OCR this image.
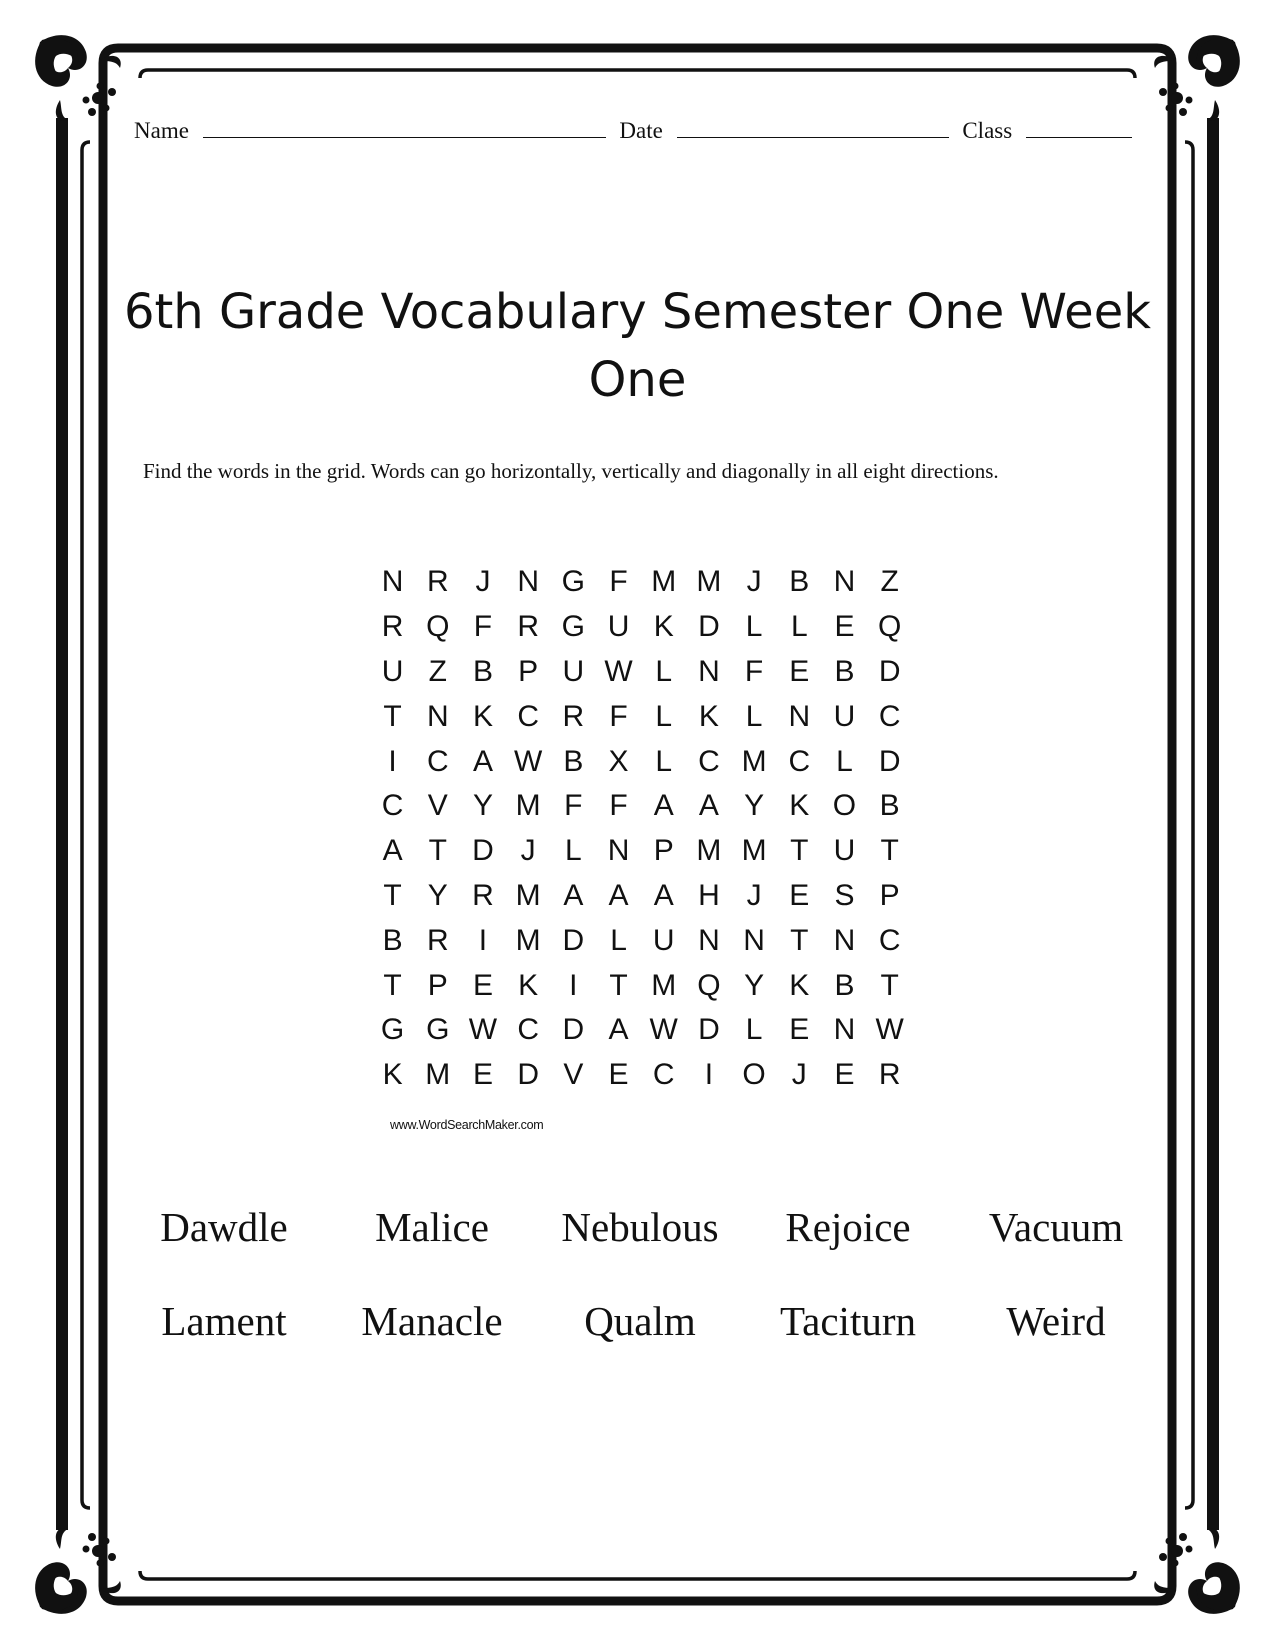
Name	Date	Class
6th Grade Vocabulary Semester One Week One
Find the words in the grid. Words can go horizontally, vertically and diagonally in all eight directions.
N R J N G F M M J B N Z
R Q F R G U K D L L E Q
U Z B P U W L N F E B D
T N K C R F L K L N U C
I	C A W B X L C M C L D
C V Y M F F A A Y K O B
A T D J L N P M M T U T
T Y R M A A A H J E S P
B R	I M D L U N N T N C
T P E K	I	T M Q Y K B T
G G W C D A W D L E N W
K M E D V E C	I O J E R
www.WordSearchMaker.com
Dawdle	Malice	Nebulous	Rejoice	Vacuum
Lament	Manacle	Qualm	Taciturn	Weird
